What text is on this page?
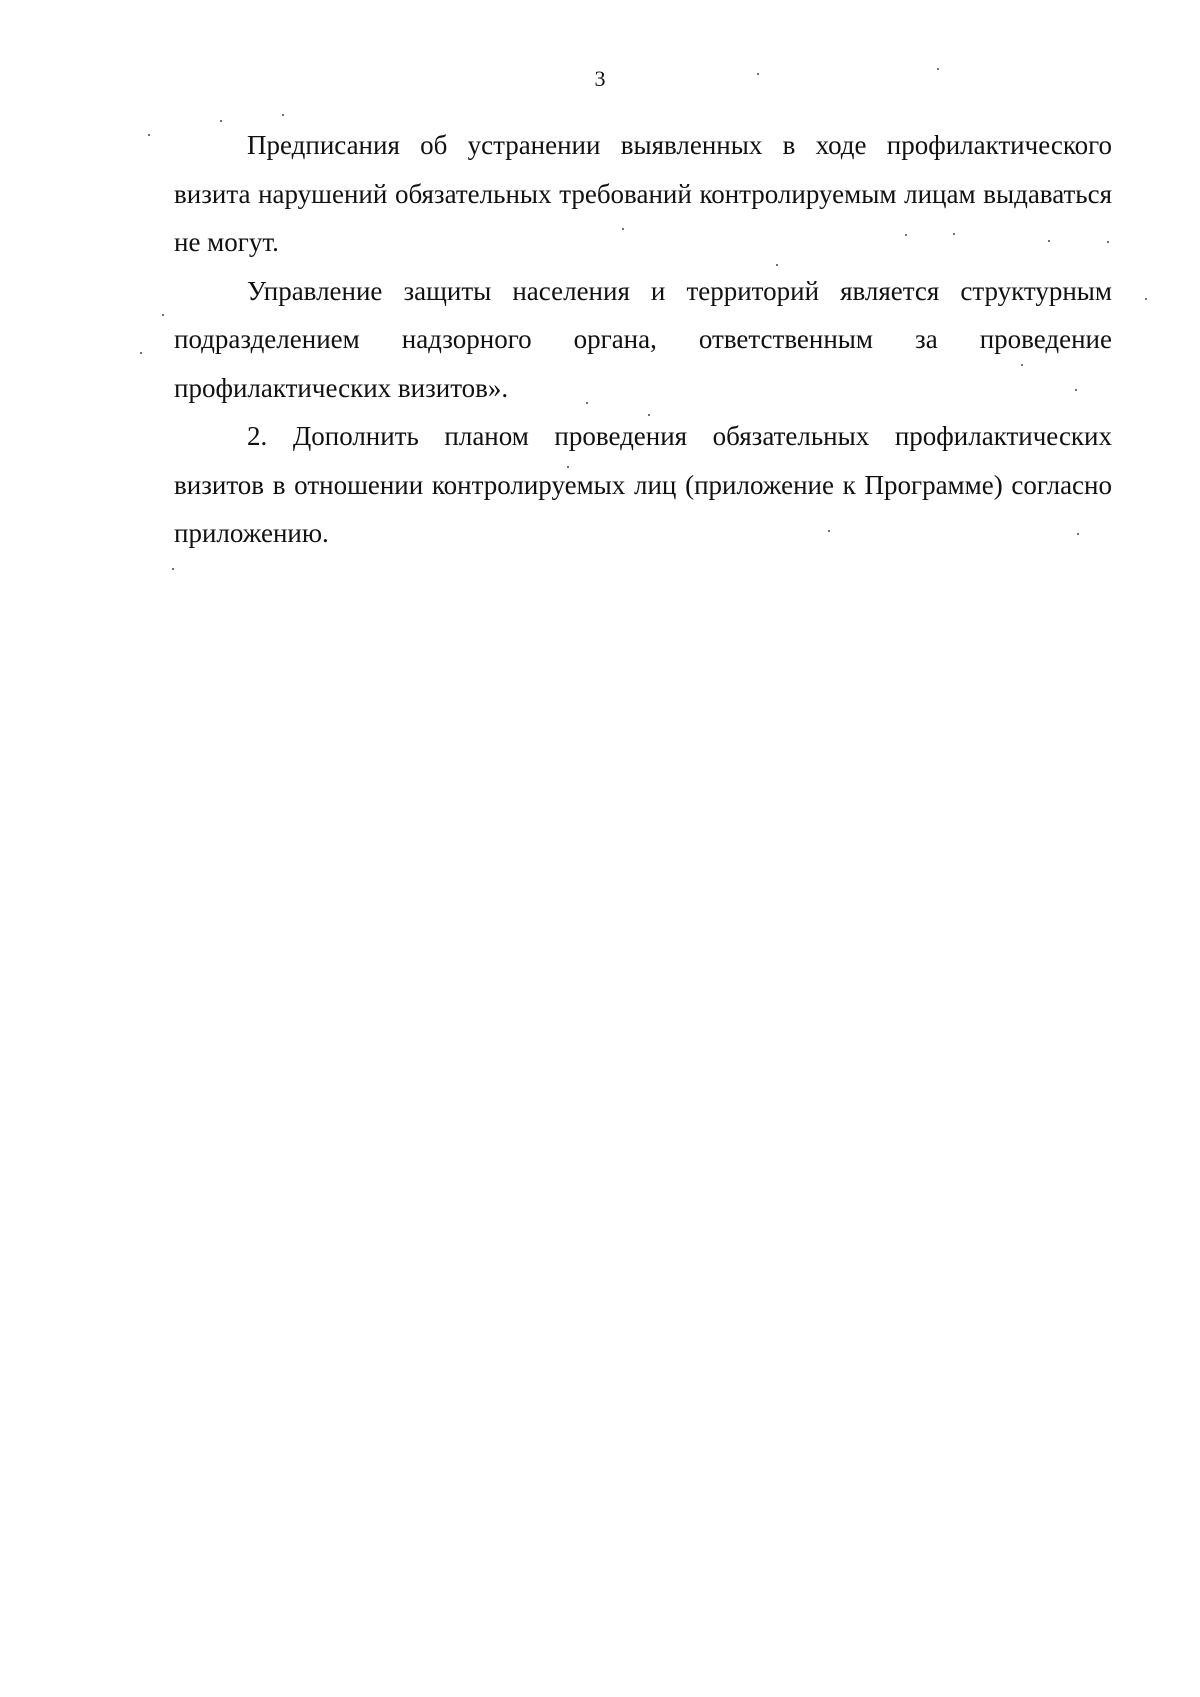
3

Предписания об устранении выявленных в ходе профилактического визита нарушений обязательных требований контролируемым лицам выдаваться не могут.

Управление защиты населения и территорий является структурным подразделением надзорного органа, ответственным за проведение профилактических визитов».

2. Дополнить планом проведения обязательных профилактических визитов в отношении контролируемых лиц (приложение к Программе) согласно приложению.
